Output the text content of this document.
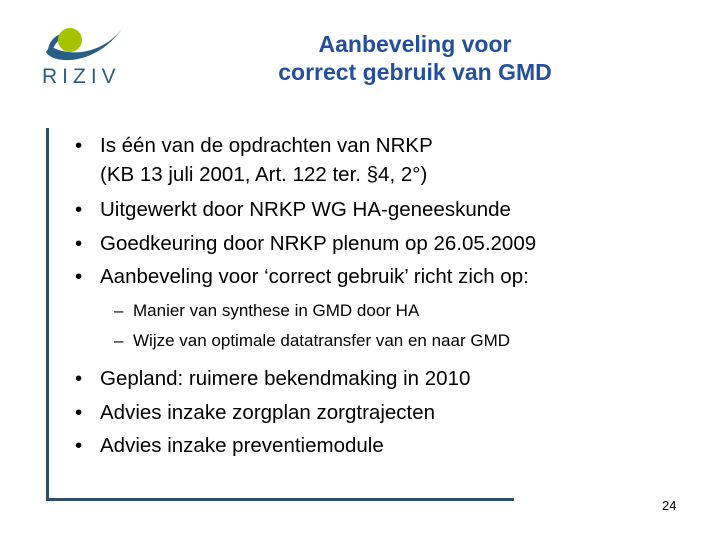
RIZIV
Aanbeveling voor
correct gebruik van GMD
• Is één van de opdrachten van NRKP
(KB 13 juli 2001, Art. 122 ter. §4, 2°)
• Uitgewerkt door NRKP WG HA-geneeskunde
• Goedkeuring door NRKP plenum op 26.05.2009
• Aanbeveling voor ‘correct gebruik’ richt zich op:
– Manier van synthese in GMD door HA
– Wijze van optimale datatransfer van en naar GMD
• Gepland: ruimere bekendmaking in 2010
• Advies inzake zorgplan zorgtrajecten
• Advies inzake preventiemodule
24
